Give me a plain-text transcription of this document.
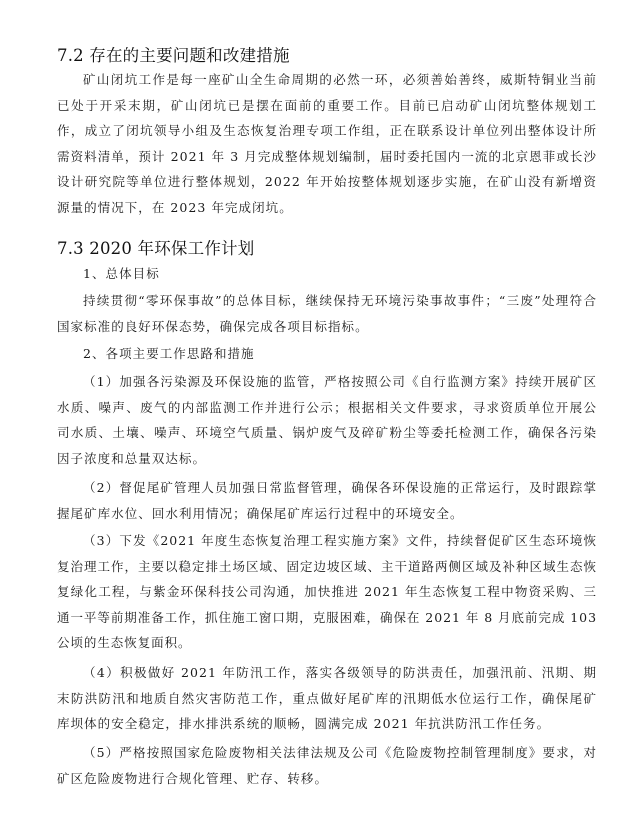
7.2 存在的主要问题和改建措施
矿山闭坑工作是每一座矿山全生命周期的必然一环，必须善始善终，威斯特铜业当前已处于开采末期，矿山闭坑已是摆在面前的重要工作。目前已启动矿山闭坑整体规划工作，成立了闭坑领导小组及生态恢复治理专项工作组，正在联系设计单位列出整体设计所需资料清单，预计 2021 年 3 月完成整体规划编制，届时委托国内一流的北京恩菲或长沙设计研究院等单位进行整体规划，2022 年开始按整体规划逐步实施，在矿山没有新增资源量的情况下，在 2023 年完成闭坑。
7.3 2020 年环保工作计划
1、总体目标
持续贯彻“零环保事故”的总体目标，继续保持无环境污染事故事件；“三废”处理符合国家标准的良好环保态势，确保完成各项目标指标。
2、各项主要工作思路和措施
（1）加强各污染源及环保设施的监管，严格按照公司《自行监测方案》持续开展矿区水质、噪声、废气的内部监测工作并进行公示；根据相关文件要求，寻求资质单位开展公司水质、土壤、噪声、环境空气质量、锅炉废气及碎矿粉尘等委托检测工作，确保各污染因子浓度和总量双达标。
（2）督促尾矿管理人员加强日常监督管理，确保各环保设施的正常运行，及时跟踪掌握尾矿库水位、回水利用情况；确保尾矿库运行过程中的环境安全。
（3）下发《2021 年度生态恢复治理工程实施方案》文件，持续督促矿区生态环境恢复治理工作，主要以稳定排土场区域、固定边坡区域、主干道路两侧区域及补种区域生态恢复绿化工程，与紫金环保科技公司沟通，加快推进 2021 年生态恢复工程中物资采购、三通一平等前期准备工作，抓住施工窗口期，克服困难，确保在 2021 年 8 月底前完成 103 公顷的生态恢复面积。
（4）积极做好 2021 年防汛工作，落实各级领导的防洪责任，加强汛前、汛期、期末防洪防汛和地质自然灾害防范工作，重点做好尾矿库的汛期低水位运行工作，确保尾矿库坝体的安全稳定，排水排洪系统的顺畅，圆满完成 2021 年抗洪防汛工作任务。
（5）严格按照国家危险废物相关法律法规及公司《危险废物控制管理制度》要求，对矿区危险废物进行合规化管理、贮存、转移。
